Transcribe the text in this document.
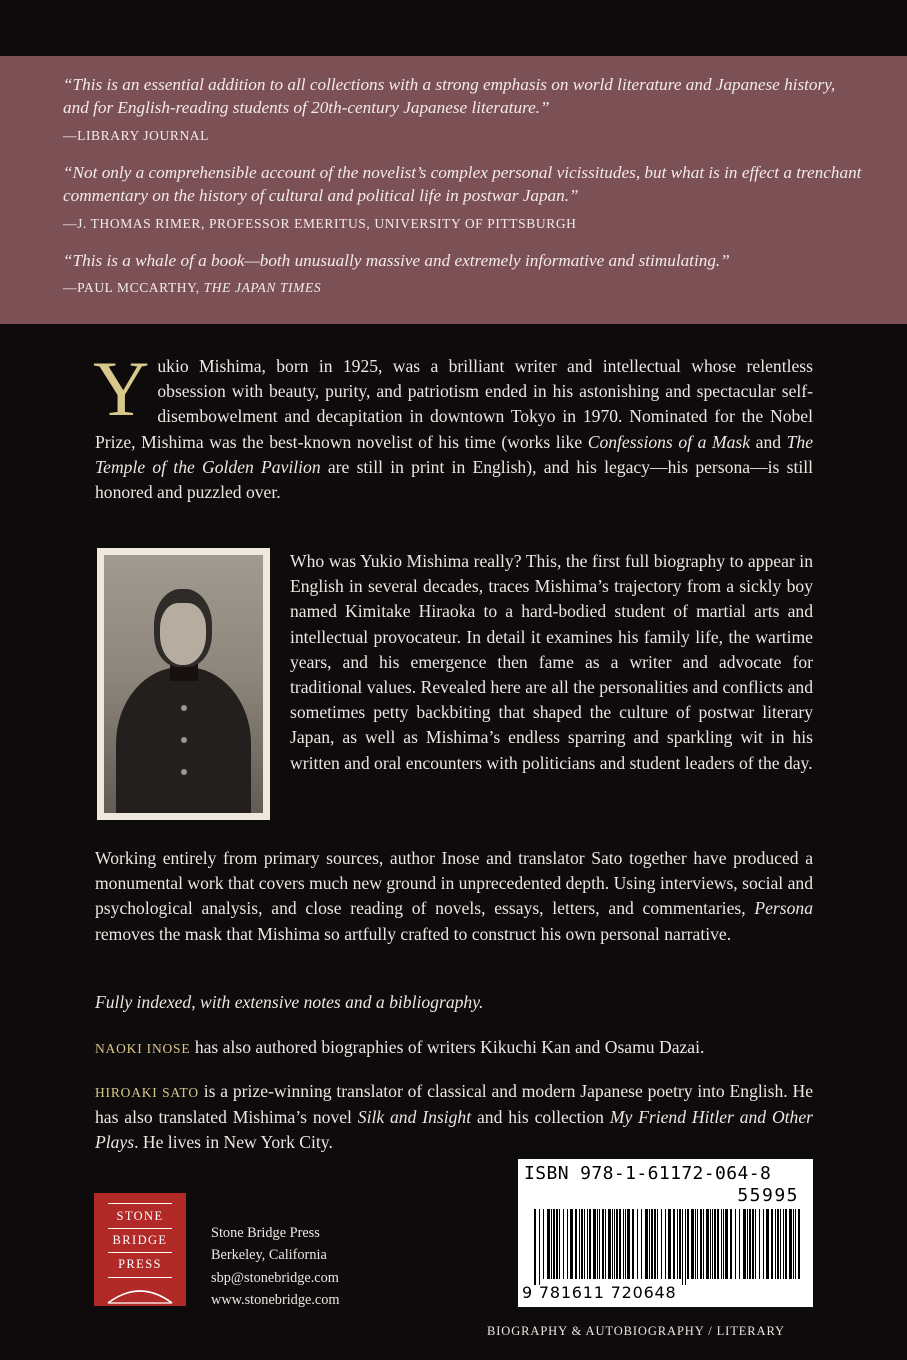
“This is an essential addition to all collections with a strong emphasis on world literature and Japanese history, and for English-reading students of 20th-century Japanese literature.”
—LIBRARY JOURNAL
“Not only a comprehensible account of the novelist’s complex personal vicissitudes, but what is in effect a trenchant commentary on the history of cultural and political life in postwar Japan.”
—J. THOMAS RIMER, PROFESSOR EMERITUS, UNIVERSITY OF PITTSBURGH
“This is a whale of a book—both unusually massive and extremely informative and stimulating.”
—PAUL MCCARTHY, THE JAPAN TIMES
Yukio Mishima, born in 1925, was a brilliant writer and intellectual whose relentless obsession with beauty, purity, and patriotism ended in his astonishing and spectacular self-disembowelment and decapitation in downtown Tokyo in 1970. Nominated for the Nobel Prize, Mishima was the best-known novelist of his time (works like Confessions of a Mask and The Temple of the Golden Pavilion are still in print in English), and his legacy—his persona—is still honored and puzzled over.
Who was Yukio Mishima really? This, the first full biography to appear in English in several decades, traces Mishima’s trajectory from a sickly boy named Kimitake Hiraoka to a hard-bodied student of martial arts and intellectual provocateur. In detail it examines his family life, the wartime years, and his emergence then fame as a writer and advocate for traditional values. Revealed here are all the personalities and conflicts and sometimes petty backbiting that shaped the culture of postwar literary Japan, as well as Mishima’s endless sparring and sparkling wit in his written and oral encounters with politicians and student leaders of the day.
Working entirely from primary sources, author Inose and translator Sato together have produced a monumental work that covers much new ground in unprecedented depth. Using interviews, social and psychological analysis, and close reading of novels, essays, letters, and commentaries, Persona removes the mask that Mishima so artfully crafted to construct his own personal narrative.
Fully indexed, with extensive notes and a bibliography.
NAOKI INOSE has also authored biographies of writers Kikuchi Kan and Osamu Dazai.
HIROAKI SATO is a prize-winning translator of classical and modern Japanese poetry into English. He has also translated Mishima’s novel Silk and Insight and his collection My Friend Hitler and Other Plays. He lives in New York City.
ISBN 978-1-61172-064-8
55995
9 781611 720648
STONE
BRIDGE
PRESS
Stone Bridge Press
Berkeley, California
sbp@stonebridge.com
www.stonebridge.com
BIOGRAPHY & AUTOBIOGRAPHY / LITERARY
